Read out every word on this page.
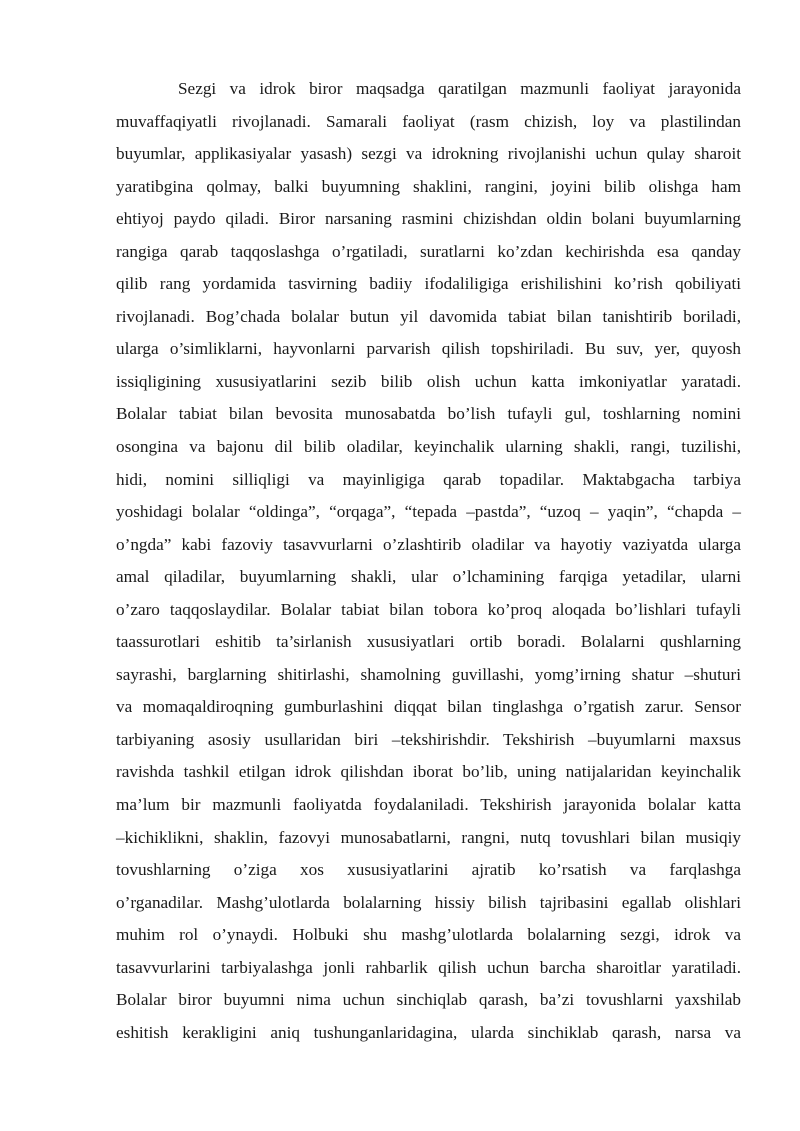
Sezgi va idrok biror maqsadga qaratilgan mazmunli faoliyat jarayonida
muvaffaqiyatli rivojlanadi. Samarali faoliyat (rasm chizish, loy va plastilindan
buyumlar, applikasiyalar yasash) sezgi va idrokning rivojlanishi uchun qulay sharoit
yaratibgina qolmay, balki buyumning shaklini, rangini, joyini bilib olishga ham
ehtiyoj paydo qiladi. Biror narsaning rasmini chizishdan oldin bolani buyumlarning
rangiga qarab taqqoslashga o’rgatiladi, suratlarni ko’zdan kechirishda esa qanday
qilib rang yordamida tasvirning badiiy ifodaliligiga erishilishini ko’rish qobiliyati
rivojlanadi. Bog’chada bolalar butun yil davomida tabiat bilan tanishtirib boriladi,
ularga o’simliklarni, hayvonlarni parvarish qilish topshiriladi. Bu suv, yer, quyosh
issiqligining xususiyatlarini sezib bilib olish uchun katta imkoniyatlar yaratadi.
Bolalar tabiat bilan bevosita munosabatda bo’lish tufayli gul, toshlarning nomini
osongina va bajonu dil bilib oladilar, keyinchalik ularning shakli, rangi, tuzilishi,
hidi, nomini silliqligi va mayinligiga qarab topadilar. Maktabgacha tarbiya
yoshidagi bolalar “oldinga”, “orqaga”, “tepada –pastda”, “uzoq – yaqin”, “chapda –
o’ngda” kabi fazoviy tasavvurlarni o’zlashtirib oladilar va hayotiy vaziyatda ularga
amal qiladilar, buyumlarning shakli, ular o’lchamining farqiga yetadilar, ularni
o’zaro taqqoslaydilar. Bolalar tabiat bilan tobora ko’proq aloqada bo’lishlari tufayli
taassurotlari eshitib ta’sirlanish xususiyatlari ortib boradi. Bolalarni qushlarning
sayrashi, barglarning shitirlashi, shamolning guvillashi, yomg’irning shatur –shuturi
va momaqaldiroqning gumburlashini diqqat bilan tinglashga o’rgatish zarur. Sensor
tarbiyaning asosiy usullaridan biri –tekshirishdir. Tekshirish –buyumlarni maxsus
ravishda tashkil etilgan idrok qilishdan iborat bo’lib, uning natijalaridan keyinchalik
ma’lum bir mazmunli faoliyatda foydalaniladi. Tekshirish jarayonida bolalar katta
–kichiklikni, shaklin, fazovyi munosabatlarni, rangni, nutq tovushlari bilan musiqiy
tovushlarning o’ziga xos xususiyatlarini ajratib ko’rsatish va farqlashga
o’rganadilar. Mashg’ulotlarda bolalarning hissiy bilish tajribasini egallab olishlari
muhim rol o’ynaydi. Holbuki shu mashg’ulotlarda bolalarning sezgi, idrok va
tasavvurlarini tarbiyalashga jonli rahbarlik qilish uchun barcha sharoitlar yaratiladi.
Bolalar biror buyumni nima uchun sinchiqlab qarash, ba’zi tovushlarni yaxshilab
eshitish kerakligini aniq tushunganlaridagina, ularda sinchiklab qarash, narsa va
